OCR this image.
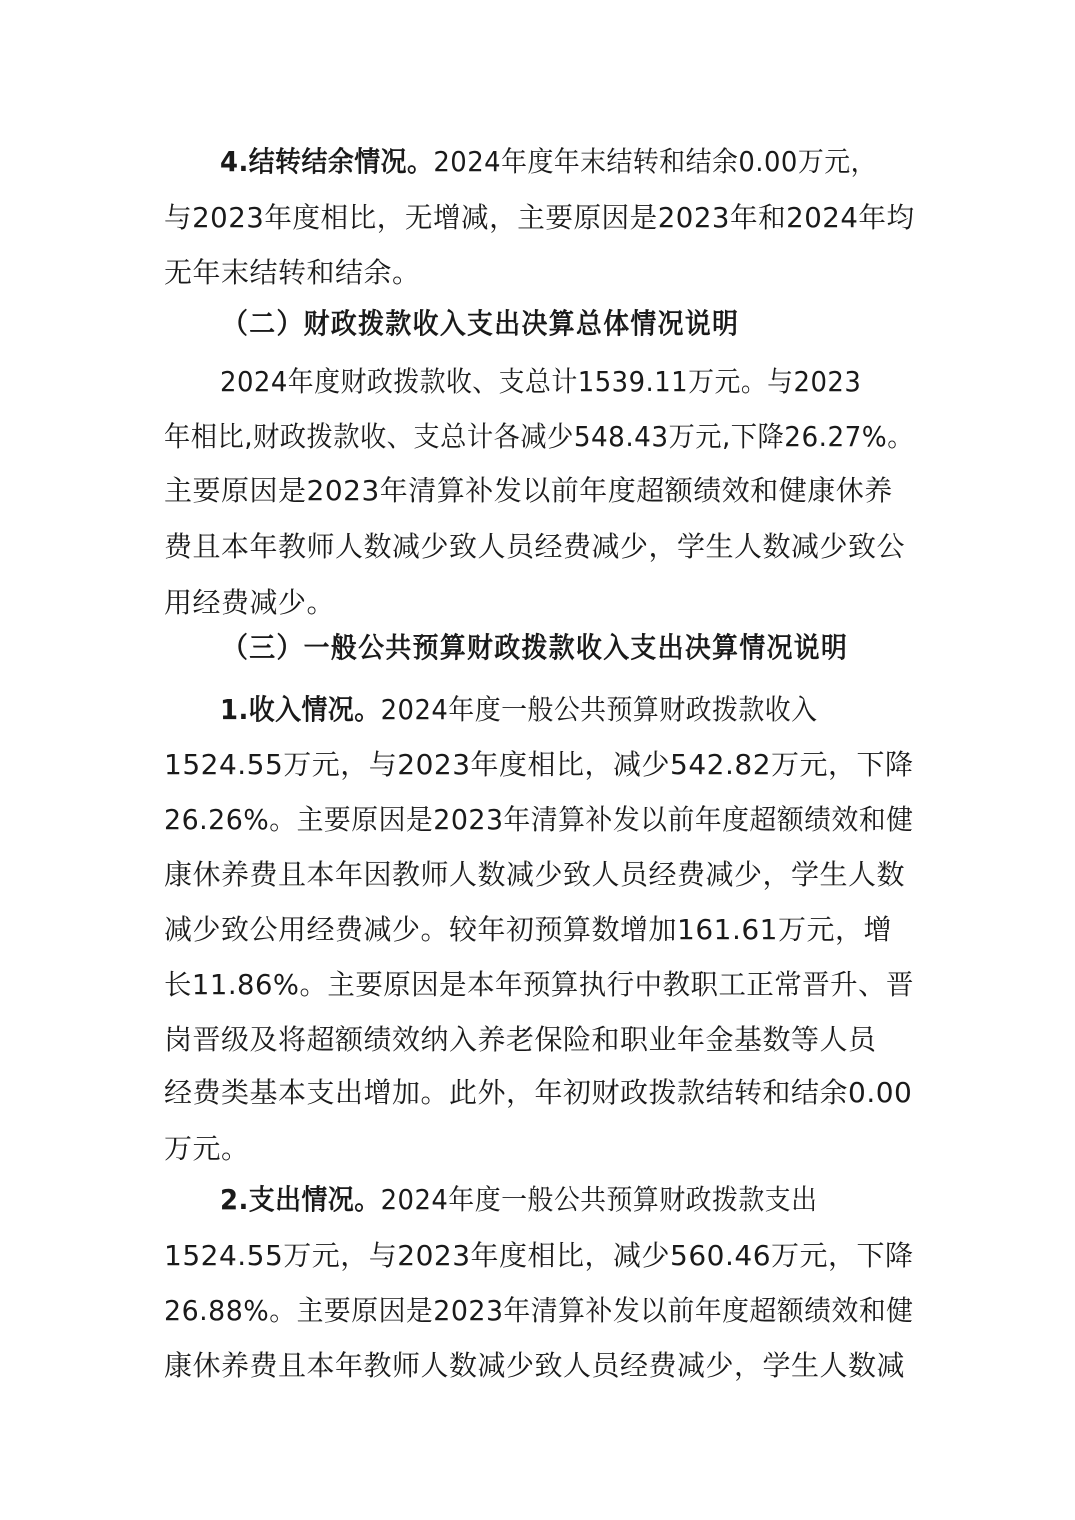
4.结转结余情况。2024年度年末结转和结余0.00万元，
与2023年度相比，无增减，主要原因是2023年和2024年均
无年末结转和结余。
（二）财政拨款收入支出决算总体情况说明
2024年度财政拨款收、支总计1539.11万元。与2023
年相比,财政拨款收、支总计各减少548.43万元,下降26.27%。
主要原因是2023年清算补发以前年度超额绩效和健康休养
费且本年教师人数减少致人员经费减少，学生人数减少致公
用经费减少。
（三）一般公共预算财政拨款收入支出决算情况说明
1.收入情况。2024年度一般公共预算财政拨款收入
1524.55万元，与2023年度相比，减少542.82万元，下降
26.26%。主要原因是2023年清算补发以前年度超额绩效和健
康休养费且本年因教师人数减少致人员经费减少，学生人数
减少致公用经费减少。较年初预算数增加161.61万元，增
长11.86%。主要原因是本年预算执行中教职工正常晋升、晋
岗晋级及将超额绩效纳入养老保险和职业年金基数等人员
经费类基本支出增加。此外，年初财政拨款结转和结余0.00
万元。
2.支出情况。2024年度一般公共预算财政拨款支出
1524.55万元，与2023年度相比，减少560.46万元，下降
26.88%。主要原因是2023年清算补发以前年度超额绩效和健
康休养费且本年教师人数减少致人员经费减少，学生人数减
